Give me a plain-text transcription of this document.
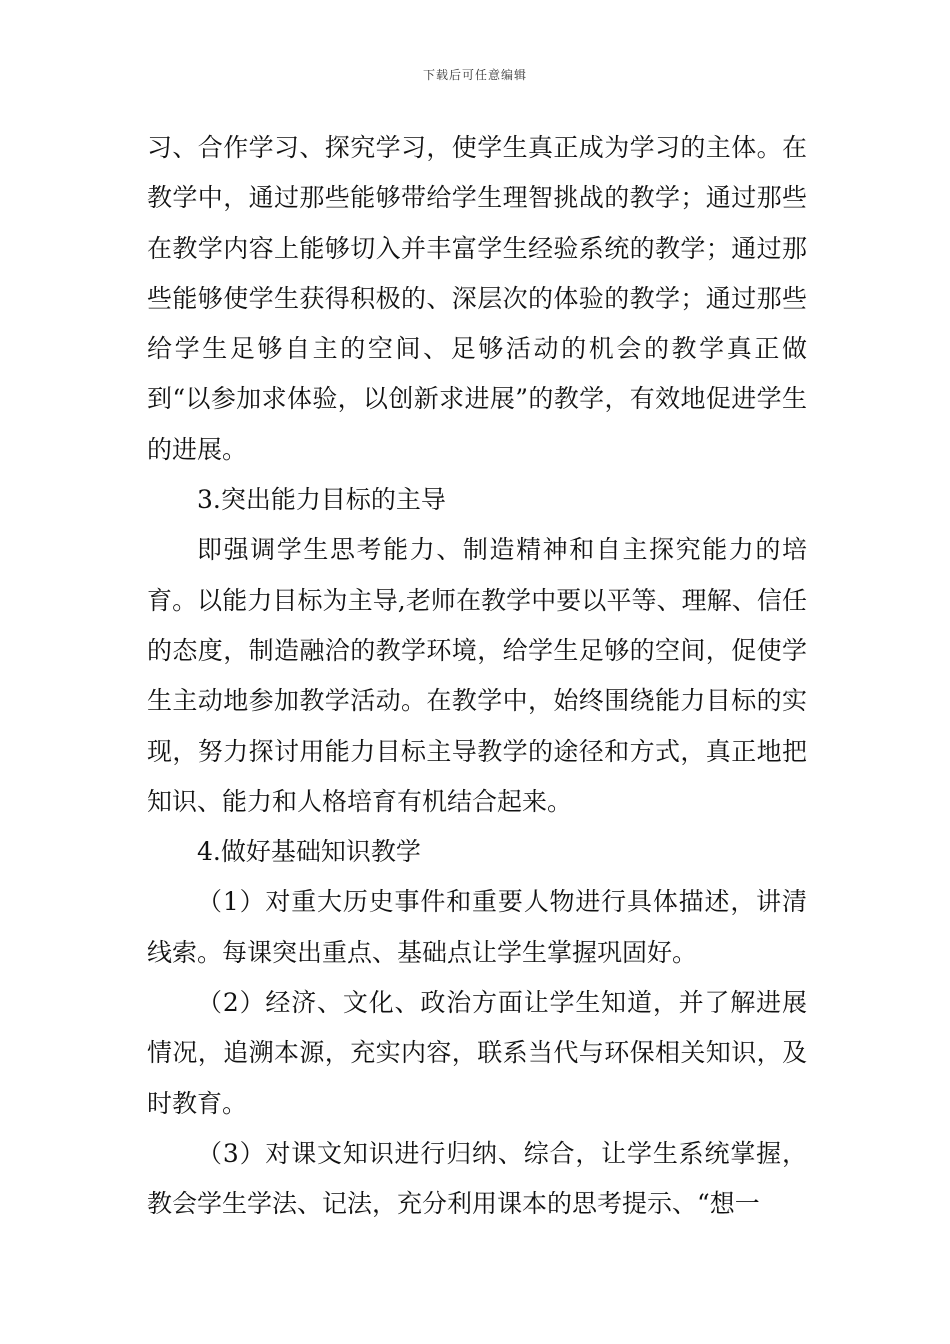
下载后可任意编辑

习、合作学习、探究学习，使学生真正成为学习的主体。在教学中，通过那些能够带给学生理智挑战的教学；通过那些在教学内容上能够切入并丰富学生经验系统的教学；通过那些能够使学生获得积极的、深层次的体验的教学；通过那些给学生足够自主的空间、足够活动的机会的教学真正做到“以参加求体验，以创新求进展”的教学，有效地促进学生的进展。

3.突出能力目标的主导

即强调学生思考能力、制造精神和自主探究能力的培育。以能力目标为主导,老师在教学中要以平等、理解、信任的态度，制造融洽的教学环境，给学生足够的空间，促使学生主动地参加教学活动。在教学中，始终围绕能力目标的实现，努力探讨用能力目标主导教学的途径和方式，真正地把知识、能力和人格培育有机结合起来。

4.做好基础知识教学

（1）对重大历史事件和重要人物进行具体描述，讲清线索。每课突出重点、基础点让学生掌握巩固好。

（2）经济、文化、政治方面让学生知道，并了解进展情况，追溯本源，充实内容，联系当代与环保相关知识，及时教育。

（3）对课文知识进行归纳、综合，让学生系统掌握，教会学生学法、记法，充分利用课本的思考提示、“想一
